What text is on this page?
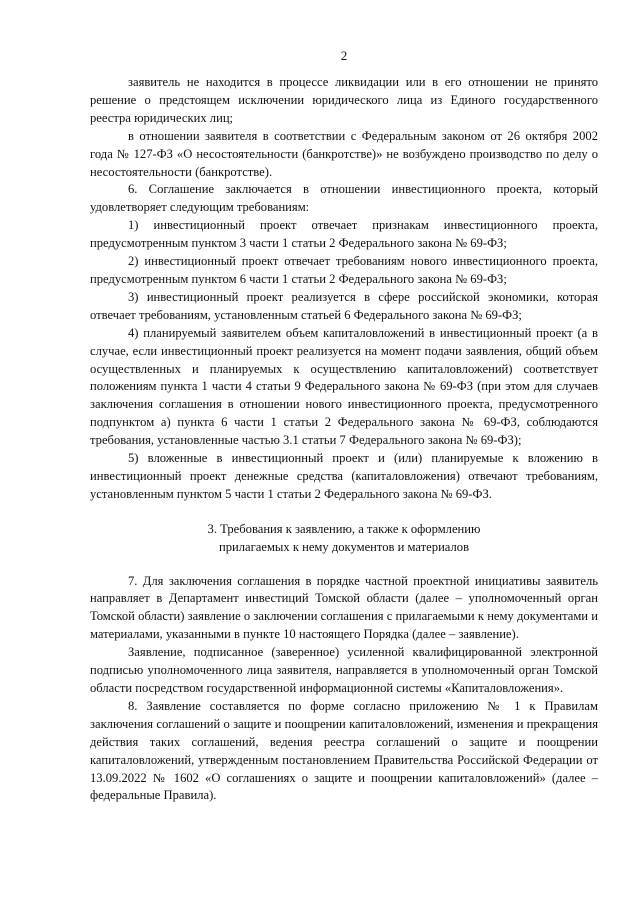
2

заявитель не находится в процессе ликвидации или в его отношении не принято решение о предстоящем исключении юридического лица из Единого государственного реестра юридических лиц;

в отношении заявителя в соответствии с Федеральным законом от 26 октября 2002 года № 127-ФЗ «О несостоятельности (банкротстве)» не возбуждено производство по делу о несостоятельности (банкротстве).

6. Соглашение заключается в отношении инвестиционного проекта, который удовлетворяет следующим требованиям:

1) инвестиционный проект отвечает признакам инвестиционного проекта, предусмотренным пунктом 3 части 1 статьи 2 Федерального закона № 69-ФЗ;

2) инвестиционный проект отвечает требованиям нового инвестиционного проекта, предусмотренным пунктом 6 части 1 статьи 2 Федерального закона № 69-ФЗ;

3) инвестиционный проект реализуется в сфере российской экономики, которая отвечает требованиям, установленным статьей 6 Федерального закона № 69-ФЗ;

4) планируемый заявителем объем капиталовложений в инвестиционный проект (а в случае, если инвестиционный проект реализуется на момент подачи заявления, общий объем осуществленных и планируемых к осуществлению капиталовложений) соответствует положениям пункта 1 части 4 статьи 9 Федерального закона № 69-ФЗ (при этом для случаев заключения соглашения в отношении нового инвестиционного проекта, предусмотренного подпунктом а) пункта 6 части 1 статьи 2 Федерального закона № 69-ФЗ, соблюдаются требования, установленные частью 3.1 статьи 7 Федерального закона № 69-ФЗ);

5) вложенные в инвестиционный проект и (или) планируемые к вложению в инвестиционный проект денежные средства (капиталовложения) отвечают требованиям, установленным пунктом 5 части 1 статьи 2 Федерального закона № 69-ФЗ.

3. Требования к заявлению, а также к оформлению
прилагаемых к нему документов и материалов

7. Для заключения соглашения в порядке частной проектной инициативы заявитель направляет в Департамент инвестиций Томской области (далее – уполномоченный орган Томской области) заявление о заключении соглашения с прилагаемыми к нему документами и материалами, указанными в пункте 10 настоящего Порядка (далее – заявление).

Заявление, подписанное (заверенное) усиленной квалифицированной электронной подписью уполномоченного лица заявителя, направляется в уполномоченный орган Томской области посредством государственной информационной системы «Капиталовложения».

8. Заявление составляется по форме согласно приложению № 1 к Правилам заключения соглашений о защите и поощрении капиталовложений, изменения и прекращения действия таких соглашений, ведения реестра соглашений о защите и поощрении капиталовложений, утвержденным постановлением Правительства Российской Федерации от 13.09.2022 № 1602 «О соглашениях о защите и поощрении капиталовложений» (далее – федеральные Правила).
